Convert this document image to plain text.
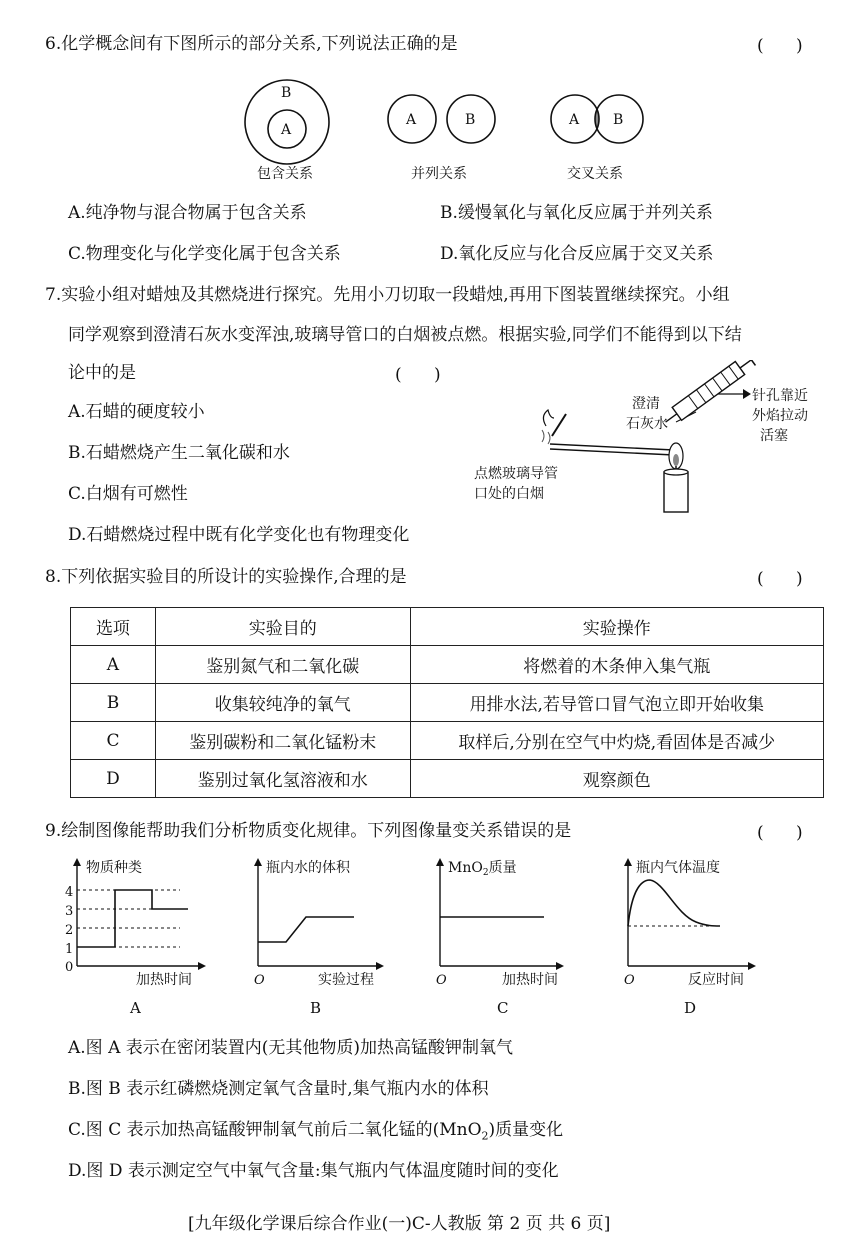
6.化学概念间有下图所示的部分关系,下列说法正确的是	(      )
B
A
A	B	A B
包含关系	并列关系	交叉关系
A.纯净物与混合物属于包含关系	B.缓慢氧化与氧化反应属于并列关系
C.物理变化与化学变化属于包含关系	D.氧化反应与化合反应属于交叉关系
7.实验小组对蜡烛及其燃烧进行探究。先用小刀切取一段蜡烛,再用下图装置继续探究。小组
同学观察到澄清石灰水变浑浊,玻璃导管口的白烟被点燃。根据实验,同学们不能得到以下结
论中的是	(      )
A.石蜡的硬度较小
B.石蜡燃烧产生二氧化碳和水
C.白烟有可燃性
D.石蜡燃烧过程中既有化学变化也有物理变化
澄清
石灰水
针孔靠近
外焰拉动
活塞
点燃玻璃导管
口处的白烟
8.下列依据实验目的所设计的实验操作,合理的是	(      )
选项	实验目的	实验操作
A	鉴别氮气和二氧化碳	将燃着的木条伸入集气瓶
B	收集较纯净的氧气	用排水法,若导管口冒气泡立即开始收集
C	鉴别碳粉和二氧化锰粉末	取样后,分别在空气中灼烧,看固体是否减少
D	鉴别过氧化氢溶液和水	观察颜色
9.绘制图像能帮助我们分析物质变化规律。下列图像量变关系错误的是	(      )
物质种类
加热时间
4
3
2
1
0
A
瓶内水的体积
实验过程
O
B
MnO$_2$质量
加热时间
O
C
瓶内气体温度
反应时间
O
D
A.图 A 表示在密闭装置内(无其他物质)加热高锰酸钾制氧气
B.图 B 表示红磷燃烧测定氧气含量时,集气瓶内水的体积
C.图 C 表示加热高锰酸钾制氧气前后二氧化锰的(MnO$_2$)质量变化
D.图 D 表示测定空气中氧气含量:集气瓶内气体温度随时间的变化
[九年级化学课后综合作业(一)C-人教版 第 2 页 共 6 页]
